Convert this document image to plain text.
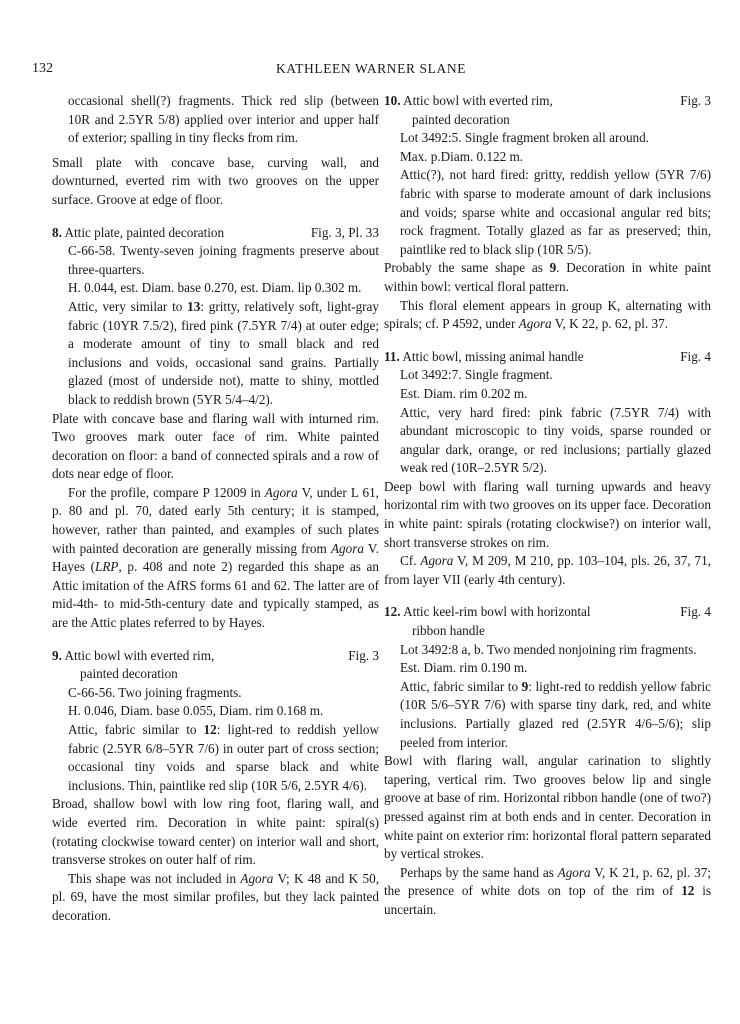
132	KATHLEEN WARNER SLANE

occasional shell(?) fragments. Thick red slip (between 10R and 2.5YR 5/8) applied over interior and upper half of exterior; spalling in tiny flecks from rim.

Small plate with concave base, curving wall, and downturned, everted rim with two grooves on the upper surface. Groove at edge of floor.

8. Attic plate, painted decoration	Fig. 3, Pl. 33

C-66-58. Twenty-seven joining fragments preserve about three-quarters.

H. 0.044, est. Diam. base 0.270, est. Diam. lip 0.302 m.

Attic, very similar to 13: gritty, relatively soft, light-gray fabric (10YR 7.5/2), fired pink (7.5YR 7/4) at outer edge; a moderate amount of tiny to small black and red inclusions and voids, occasional sand grains. Partially glazed (most of underside not), matte to shiny, mottled black to reddish brown (5YR 5/4–4/2).

Plate with concave base and flaring wall with inturned rim. Two grooves mark outer face of rim. White painted decoration on floor: a band of connected spirals and a row of dots near edge of floor.

For the profile, compare P 12009 in Agora V, under L 61, p. 80 and pl. 70, dated early 5th century; it is stamped, however, rather than painted, and examples of such plates with painted decoration are generally missing from Agora V. Hayes (LRP, p. 408 and note 2) regarded this shape as an Attic imitation of the AfRS forms 61 and 62. The latter are of mid-4th- to mid-5th-century date and typically stamped, as are the Attic plates referred to by Hayes.

9. Attic bowl with everted rim,
painted decoration
Fig. 3

C-66-56. Two joining fragments.

H. 0.046, Diam. base 0.055, Diam. rim 0.168 m.

Attic, fabric similar to 12: light-red to reddish yellow fabric (2.5YR 6/8–5YR 7/6) in outer part of cross section; occasional tiny voids and sparse black and white inclusions. Thin, paintlike red slip (10R 5/6, 2.5YR 4/6).

Broad, shallow bowl with low ring foot, flaring wall, and wide everted rim. Decoration in white paint: spiral(s) (rotating clockwise toward center) on interior wall and short, transverse strokes on outer half of rim.

This shape was not included in Agora V; K 48 and K 50, pl. 69, have the most similar profiles, but they lack painted decoration.

10. Attic bowl with everted rim,
painted decoration
Fig. 3

Lot 3492:5. Single fragment broken all around.

Max. p.Diam. 0.122 m.

Attic(?), not hard fired: gritty, reddish yellow (5YR 7/6) fabric with sparse to moderate amount of dark inclusions and voids; sparse white and occasional angular red bits; rock fragment. Totally glazed as far as preserved; thin, paintlike red to black slip (10R 5/5).

Probably the same shape as 9. Decoration in white paint within bowl: vertical floral pattern.

This floral element appears in group K, alternating with spirals; cf. P 4592, under Agora V, K 22, p. 62, pl. 37.

11. Attic bowl, missing animal handle	Fig. 4

Lot 3492:7. Single fragment.

Est. Diam. rim 0.202 m.

Attic, very hard fired: pink fabric (7.5YR 7/4) with abundant microscopic to tiny voids, sparse rounded or angular dark, orange, or red inclusions; partially glazed weak red (10R–2.5YR 5/2).

Deep bowl with flaring wall turning upwards and heavy horizontal rim with two grooves on its upper face. Decoration in white paint: spirals (rotating clockwise?) on interior wall, short transverse strokes on rim.

Cf. Agora V, M 209, M 210, pp. 103–104, pls. 26, 37, 71, from layer VII (early 4th century).

12. Attic keel-rim bowl with horizontal
ribbon handle
Fig. 4

Lot 3492:8 a, b. Two mended nonjoining rim fragments.

Est. Diam. rim 0.190 m.

Attic, fabric similar to 9: light-red to reddish yellow fabric (10R 5/6–5YR 7/6) with sparse tiny dark, red, and white inclusions. Partially glazed red (2.5YR 4/6–5/6); slip peeled from interior.

Bowl with flaring wall, angular carination to slightly tapering, vertical rim. Two grooves below lip and single groove at base of rim. Horizontal ribbon handle (one of two?) pressed against rim at both ends and in center. Decoration in white paint on exterior rim: horizontal floral pattern separated by vertical strokes.

Perhaps by the same hand as Agora V, K 21, p. 62, pl. 37; the presence of white dots on top of the rim of 12 is uncertain.
